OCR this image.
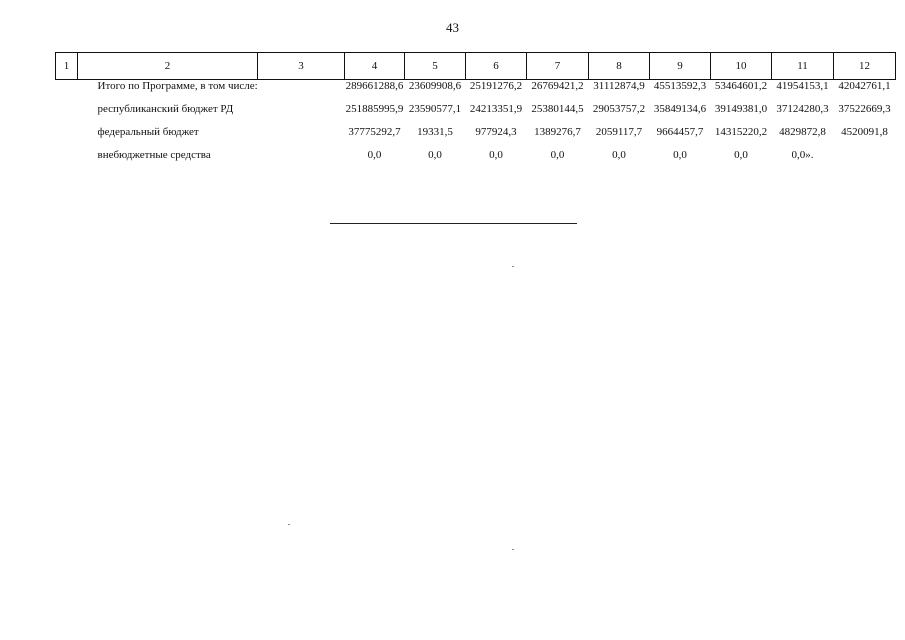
43
1	2	3	4	5	6	7	8	9	10	11	12
	Итого по Программе, в том числе:		289661288,6	23609908,6	25191276,2	26769421,2	31112874,9	45513592,3	53464601,2	41954153,1	42042761,1
	республиканский бюджет РД		251885995,9	23590577,1	24213351,9	25380144,5	29053757,2	35849134,6	39149381,0	37124280,3	37522669,3
	федеральный бюджет		37775292,7	19331,5	977924,3	1389276,7	2059117,7	9664457,7	14315220,2	4829872,8	4520091,8
	внебюджетные средства		0,0	0,0	0,0	0,0	0,0	0,0	0,0	0,0».	
